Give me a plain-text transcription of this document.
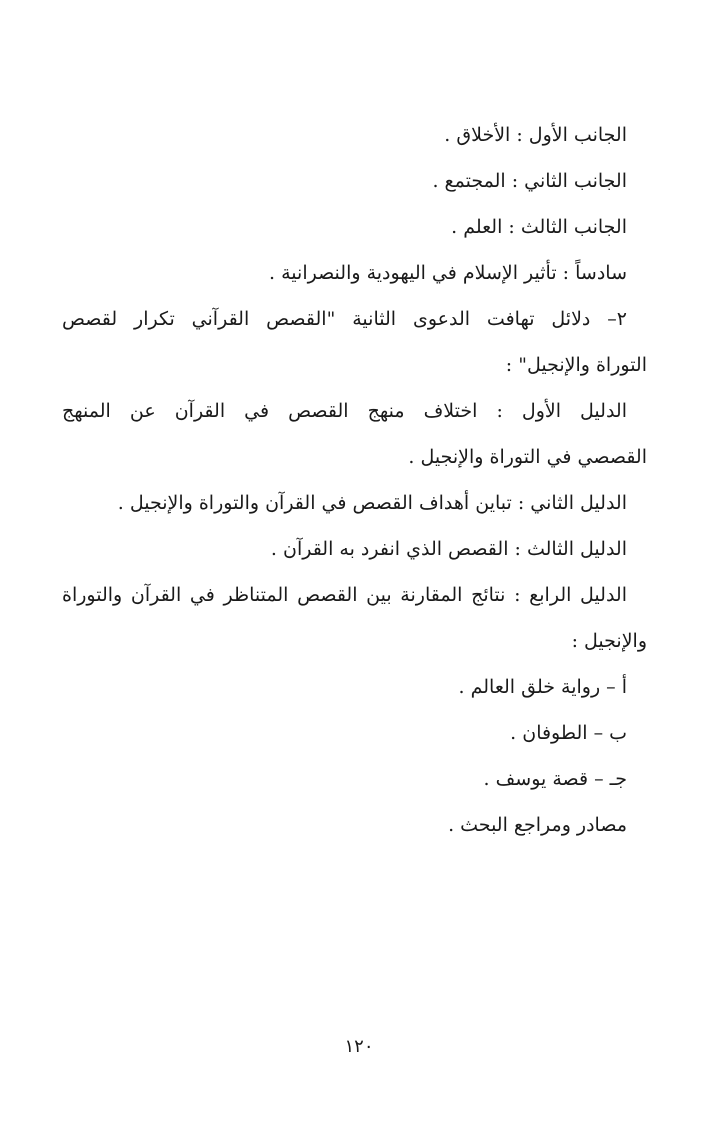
الجانب الأول : الأخلاق .
الجانب الثاني : المجتمع .
الجانب الثالث : العلم .
سادساً : تأثير الإسلام في اليهودية والنصرانية .
٢– دلائل تهافت الدعوى الثانية "القصص القرآني تكرار لقصص
التوراة والإنجيل" :
الدليل الأول : اختلاف منهج القصص في القرآن عن المنهج
القصصي في التوراة والإنجيل .
الدليل الثاني : تباين أهداف القصص في القرآن والتوراة والإنجيل .
الدليل الثالث : القصص الذي انفرد به القرآن .
الدليل الرابع : نتائج المقارنة بين القصص المتناظر في القرآن والتوراة
والإنجيل :
أ – رواية خلق العالم .
ب – الطوفان .
جـ – قصة يوسف .
مصادر ومراجع البحث .
١٢٠
